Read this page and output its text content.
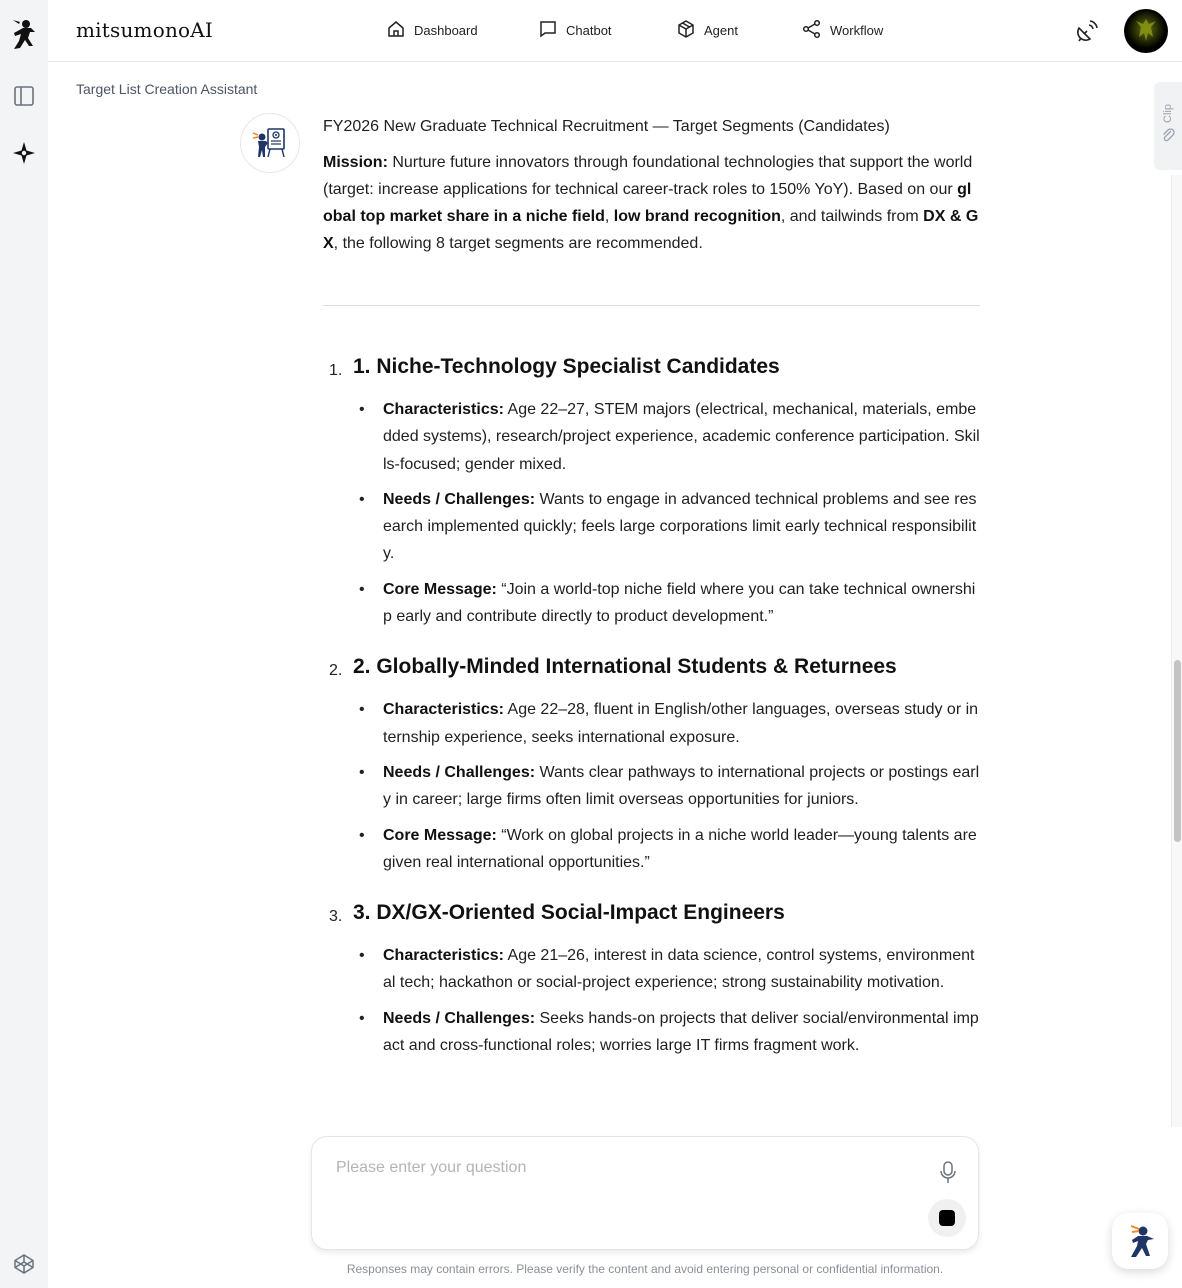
mitsumonoAI	Dashboard	Chatbot	Agent	Workflow
Target List Creation Assistant
Clip
FY2026 New Graduate Technical Recruitment — Target Segments (Candidates)
Mission: Nurture future innovators through foundational technologies that support the world (target: increase applications for technical career-track roles to 150% YoY). Based on our global top market share in a niche field, low brand recognition, and tailwinds from DX & GX, the following 8 target segments are recommended.
1. 1. Niche-Technology Specialist Candidates
• Characteristics: Age 22–27, STEM majors (electrical, mechanical, materials, embedded systems), research/project experience, academic conference participation. Skills-focused; gender mixed.
• Needs / Challenges: Wants to engage in advanced technical problems and see research implemented quickly; feels large corporations limit early technical responsibility.
• Core Message: “Join a world-top niche field where you can take technical ownership early and contribute directly to product development.”
2. 2. Globally-Minded International Students & Returnees
• Characteristics: Age 22–28, fluent in English/other languages, overseas study or internship experience, seeks international exposure.
• Needs / Challenges: Wants clear pathways to international projects or postings early in career; large firms often limit overseas opportunities for juniors.
• Core Message: “Work on global projects in a niche world leader—young talents are given real international opportunities.”
3. 3. DX/GX-Oriented Social-Impact Engineers
• Characteristics: Age 21–26, interest in data science, control systems, environmental tech; hackathon or social-project experience; strong sustainability motivation.
• Needs / Challenges: Seeks hands-on projects that deliver social/environmental impact and cross-functional roles; worries large IT firms fragment work.
Please enter your question
Responses may contain errors. Please verify the content and avoid entering personal or confidential information.
